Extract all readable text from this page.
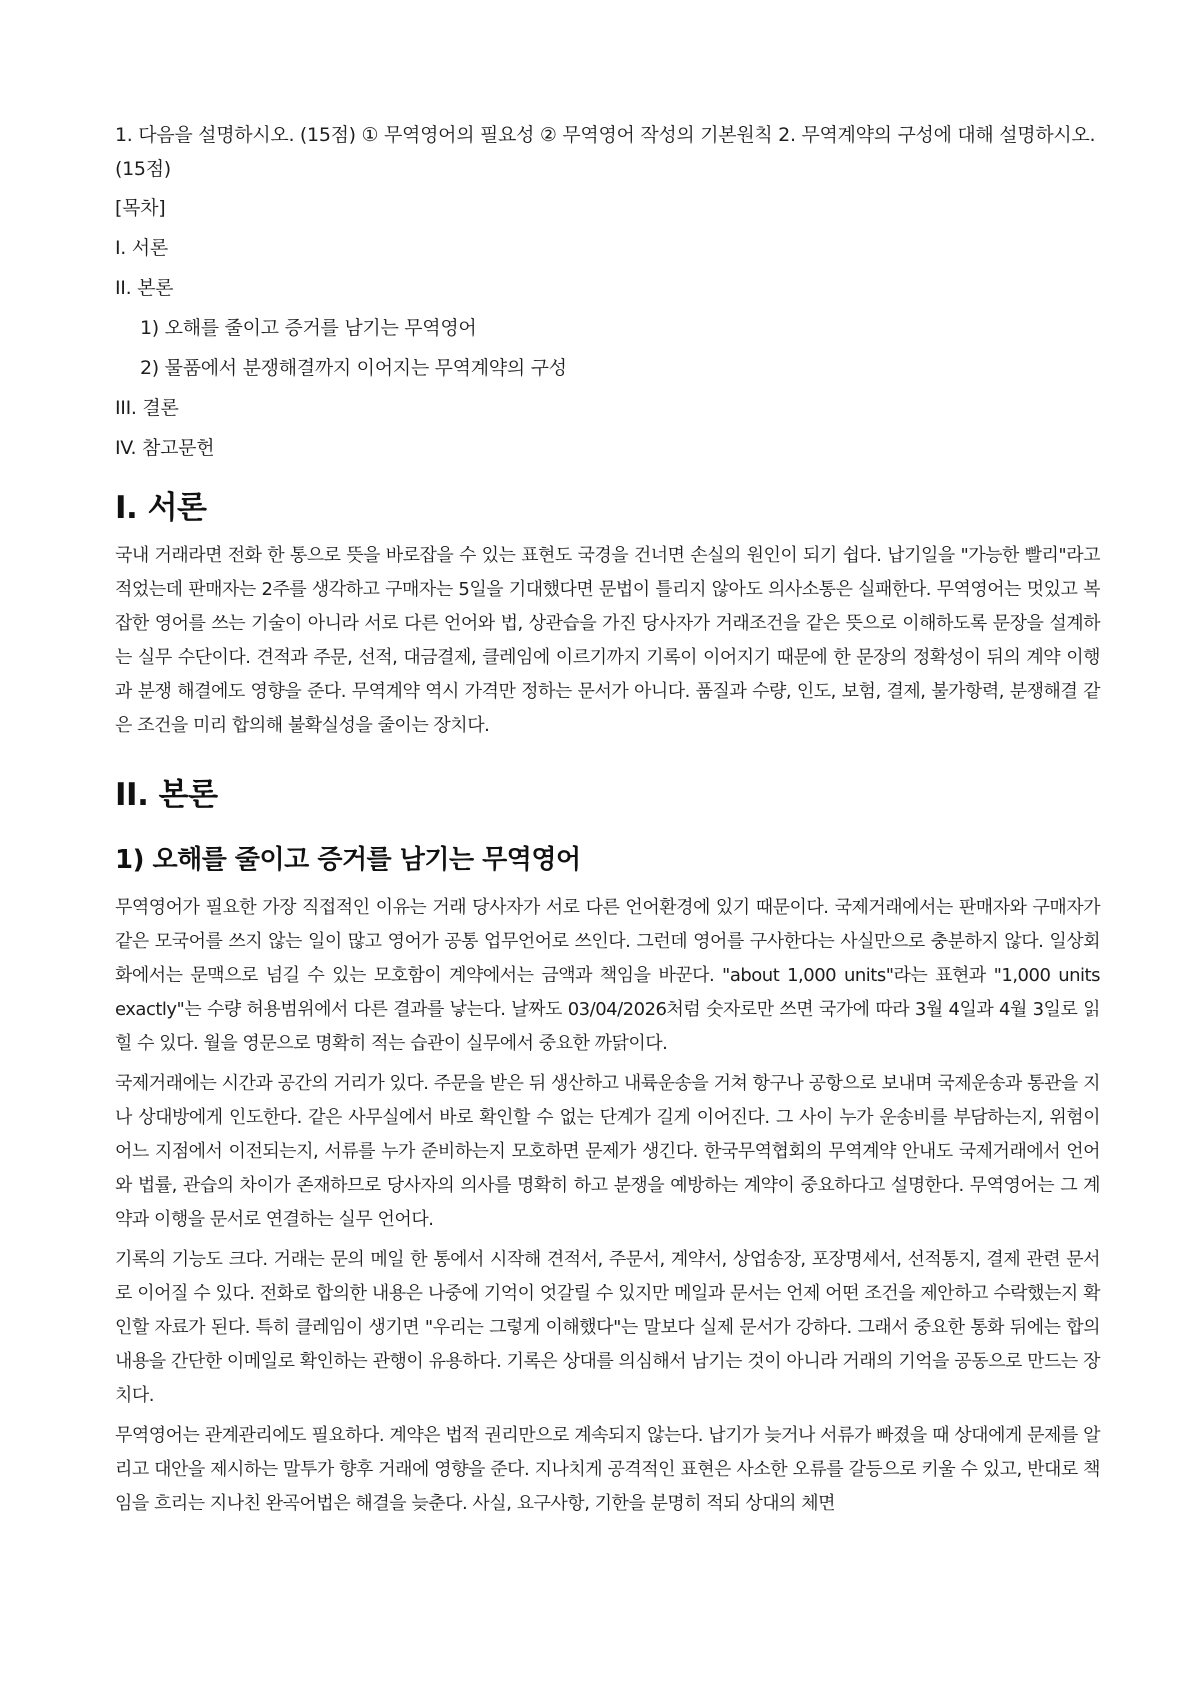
1. 다음을 설명하시오. (15점) ① 무역영어의 필요성 ② 무역영어 작성의 기본원칙 2. 무역계약의 구성에 대해 설명하시오. (15점)

[목차]

I. 서론

II. 본론

1) 오해를 줄이고 증거를 남기는 무역영어

2) 물품에서 분쟁해결까지 이어지는 무역계약의 구성

III. 결론

IV. 참고문헌

I. 서론

국내 거래라면 전화 한 통으로 뜻을 바로잡을 수 있는 표현도 국경을 건너면 손실의 원인이 되기 쉽다. 납기일을 "가능한 빨리"라고 적었는데 판매자는 2주를 생각하고 구매자는 5일을 기대했다면 문법이 틀리지 않아도 의사소통은 실패한다. 무역영어는 멋있고 복잡한 영어를 쓰는 기술이 아니라 서로 다른 언어와 법, 상관습을 가진 당사자가 거래조건을 같은 뜻으로 이해하도록 문장을 설계하는 실무 수단이다. 견적과 주문, 선적, 대금결제, 클레임에 이르기까지 기록이 이어지기 때문에 한 문장의 정확성이 뒤의 계약 이행과 분쟁 해결에도 영향을 준다. 무역계약 역시 가격만 정하는 문서가 아니다. 품질과 수량, 인도, 보험, 결제, 불가항력, 분쟁해결 같은 조건을 미리 합의해 불확실성을 줄이는 장치다.

II. 본론
1) 오해를 줄이고 증거를 남기는 무역영어

무역영어가 필요한 가장 직접적인 이유는 거래 당사자가 서로 다른 언어환경에 있기 때문이다. 국제거래에서는 판매자와 구매자가 같은 모국어를 쓰지 않는 일이 많고 영어가 공통 업무언어로 쓰인다. 그런데 영어를 구사한다는 사실만으로 충분하지 않다. 일상회화에서는 문맥으로 넘길 수 있는 모호함이 계약에서는 금액과 책임을 바꾼다. "about 1,000 units"라는 표현과 "1,000 units exactly"는 수량 허용범위에서 다른 결과를 낳는다. 날짜도 03/04/2026처럼 숫자로만 쓰면 국가에 따라 3월 4일과 4월 3일로 읽힐 수 있다. 월을 영문으로 명확히 적는 습관이 실무에서 중요한 까닭이다.

국제거래에는 시간과 공간의 거리가 있다. 주문을 받은 뒤 생산하고 내륙운송을 거쳐 항구나 공항으로 보내며 국제운송과 통관을 지나 상대방에게 인도한다. 같은 사무실에서 바로 확인할 수 없는 단계가 길게 이어진다. 그 사이 누가 운송비를 부담하는지, 위험이 어느 지점에서 이전되는지, 서류를 누가 준비하는지 모호하면 문제가 생긴다. 한국무역협회의 무역계약 안내도 국제거래에서 언어와 법률, 관습의 차이가 존재하므로 당사자의 의사를 명확히 하고 분쟁을 예방하는 계약이 중요하다고 설명한다. 무역영어는 그 계약과 이행을 문서로 연결하는 실무 언어다.

기록의 기능도 크다. 거래는 문의 메일 한 통에서 시작해 견적서, 주문서, 계약서, 상업송장, 포장명세서, 선적통지, 결제 관련 문서로 이어질 수 있다. 전화로 합의한 내용은 나중에 기억이 엇갈릴 수 있지만 메일과 문서는 언제 어떤 조건을 제안하고 수락했는지 확인할 자료가 된다. 특히 클레임이 생기면 "우리는 그렇게 이해했다"는 말보다 실제 문서가 강하다. 그래서 중요한 통화 뒤에는 합의내용을 간단한 이메일로 확인하는 관행이 유용하다. 기록은 상대를 의심해서 남기는 것이 아니라 거래의 기억을 공동으로 만드는 장치다.

무역영어는 관계관리에도 필요하다. 계약은 법적 권리만으로 계속되지 않는다. 납기가 늦거나 서류가 빠졌을 때 상대에게 문제를 알리고 대안을 제시하는 말투가 향후 거래에 영향을 준다. 지나치게 공격적인 표현은 사소한 오류를 갈등으로 키울 수 있고, 반대로 책임을 흐리는 지나친 완곡어법은 해결을 늦춘다. 사실, 요구사항, 기한을 분명히 적되 상대의 체면
